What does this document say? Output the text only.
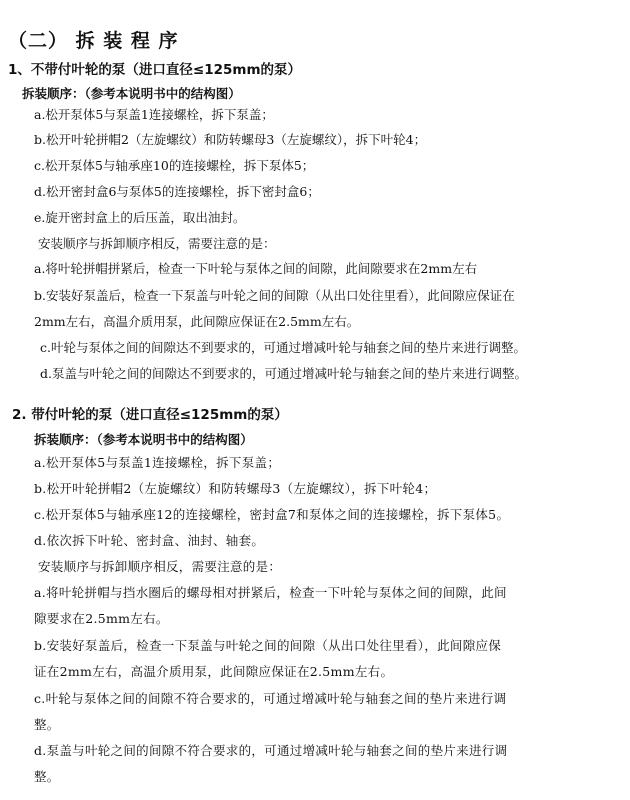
（二） 拆 装 程 序
1、不带付叶轮的泵（进口直径≤125mm的泵）
拆装顺序：（参考本说明书中的结构图）
a.松开泵体5与泵盖1连接螺栓，拆下泵盖；
b.松开叶轮拼帽2（左旋螺纹）和防转螺母3（左旋螺纹），拆下叶轮4；
c.松开泵体5与轴承座10的连接螺栓，拆下泵体5；
d.松开密封盒6与泵体5的连接螺栓，拆下密封盒6；
e.旋开密封盒上的后压盖，取出油封。
安装顺序与拆卸顺序相反，需要注意的是：
a.将叶轮拼帽拼紧后，检查一下叶轮与泵体之间的间隙，此间隙要求在2mm左右
b.安装好泵盖后，检查一下泵盖与叶轮之间的间隙（从出口处往里看），此间隙应保证在
2mm左右，高温介质用泵，此间隙应保证在2.5mm左右。
c.叶轮与泵体之间的间隙达不到要求的，可通过增减叶轮与轴套之间的垫片来进行调整。
d.泵盖与叶轮之间的间隙达不到要求的，可通过增减叶轮与轴套之间的垫片来进行调整。
2. 带付叶轮的泵（进口直径≤125mm的泵）
拆装顺序：（参考本说明书中的结构图）
a.松开泵体5与泵盖1连接螺栓，拆下泵盖；
b.松开叶轮拼帽2（左旋螺纹）和防转螺母3（左旋螺纹），拆下叶轮4；
c.松开泵体5与轴承座12的连接螺栓，密封盒7和泵体之间的连接螺栓，拆下泵体5。
d.依次拆下叶轮、密封盒、油封、轴套。
安装顺序与拆卸顺序相反，需要注意的是：
a.将叶轮拼帽与挡水圈后的螺母相对拼紧后，检查一下叶轮与泵体之间的间隙，此间
隙要求在2.5mm左右。
b.安装好泵盖后，检查一下泵盖与叶轮之间的间隙（从出口处往里看），此间隙应保
证在2mm左右，高温介质用泵，此间隙应保证在2.5mm左右。
c.叶轮与泵体之间的间隙不符合要求的，可通过增减叶轮与轴套之间的垫片来进行调
整。
d.泵盖与叶轮之间的间隙不符合要求的，可通过增减叶轮与轴套之间的垫片来进行调
整。
